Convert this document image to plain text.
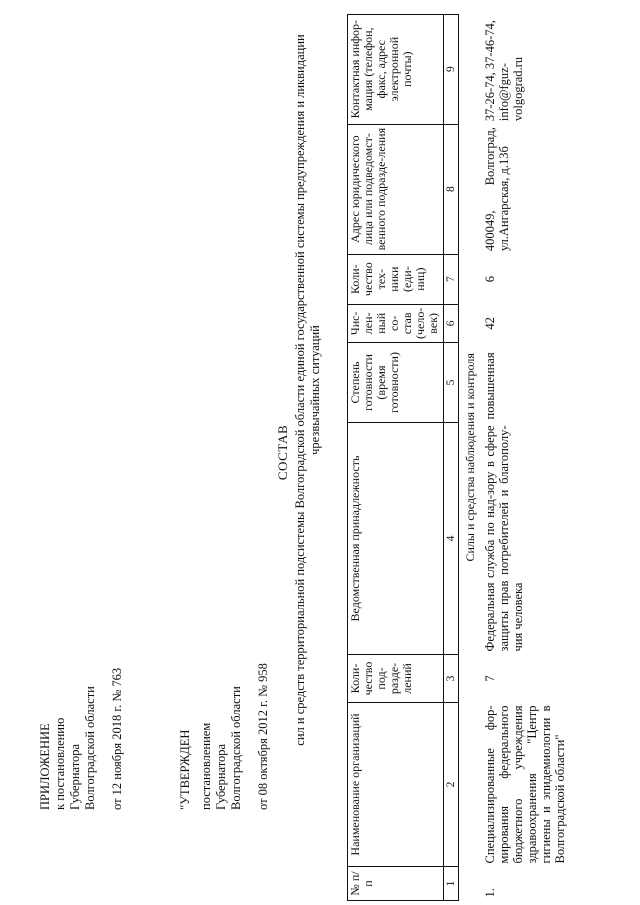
ПРИЛОЖЕНИЕ к постановлению Губернатора Волгоградской области от 12 ноября 2018 г. № 763	"УТВЕРЖДЕН постановлением Губернатора Волгоградской области от 08 октября 2012 г. № 958
СОСТАВ сил и средств территориальной подсистемы Волгоградской области единой государственной системы предупреждения и ликвидации чрезвычайных ситуаций
№ п/п	Наименование организаций	Коли-чество под-разде-лений	Ведомственная принадлежность	Степень готовности (время готовности)	Чис-лен-ный со-став (чело-век)	Коли-чество тех-ники (еди-ниц)	Адрес юридического лица или подведомст-венного подразде-ления	Контактная инфор-мация (телефон, факс, адрес электронной почты)
1	2	3	4	5	6	7	8	9
Силы и средства наблюдения и контроля								
1.	Специализированные фор-мирования федерального бюджетного учреждения здравоохранения "Центр гигиены и эпидемиологии в Волгоградской области"	7	Федеральная служба по над-зору в сфере защиты прав потребителей и благополу-чия человека	повышенная	42	6	400049, Волгоград, ул.Ангарская, д.13б	37-26-74, 37-46-74, info@fguz-volgograd.ru
